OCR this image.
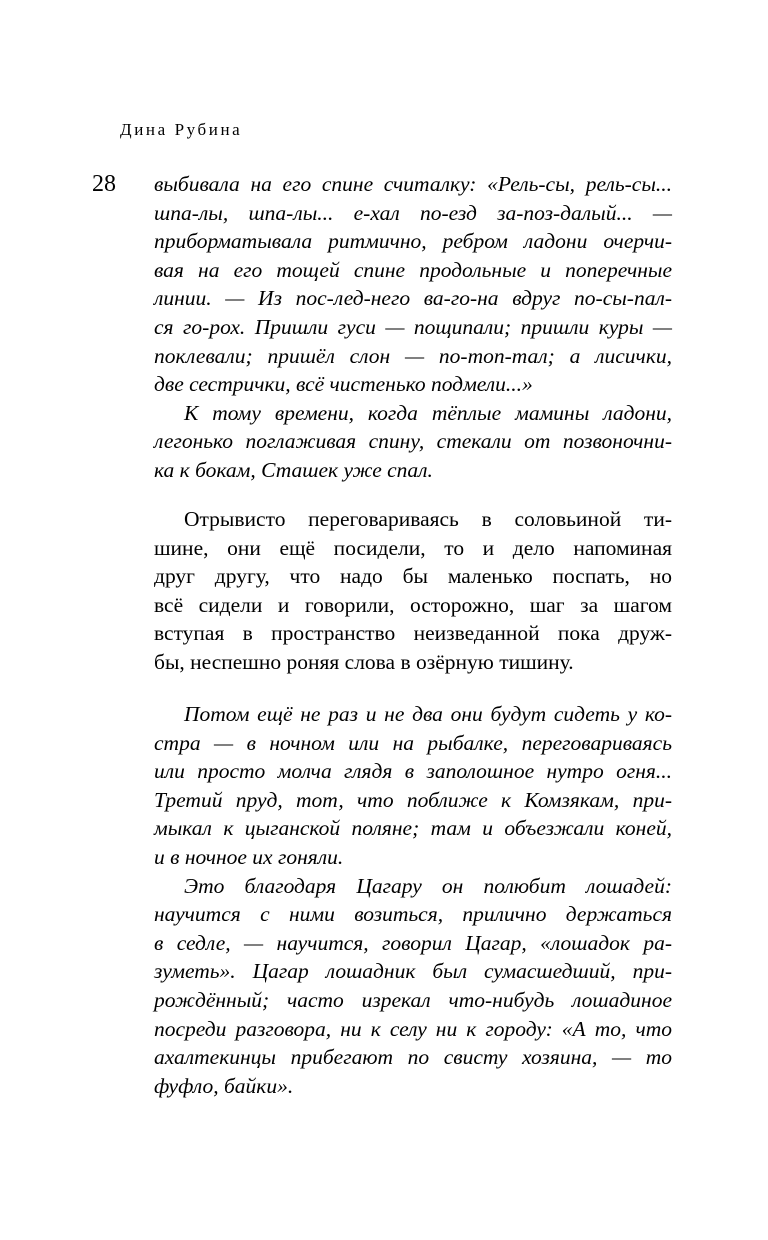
Дина Рубина
28 выбивала на его спине считалку: «Рель-сы, рель-сы...
шпа-лы, шпа-лы... е-хал по-езд за-поз-далый... —
приборматывала ритмично, ребром ладони очерчи-
вая на его тощей спине продольные и поперечные
линии. — Из пос-лед-него ва-го-на вдруг по-сы-пал-
ся го-рох. Пришли гуси — пощипали; пришли куры —
поклевали; пришёл слон — по-топ-тал; а лисички,
две сестрички, всё чистенько подмели...»
К тому времени, когда тёплые мамины ладони,
легонько поглаживая спину, стекали от позвоночни-
ка к бокам, Сташек уже спал.
Отрывисто переговариваясь в соловьиной ти-
шине, они ещё посидели, то и дело напоминая
друг другу, что надо бы маленько поспать, но
всё сидели и говорили, осторожно, шаг за шагом
вступая в пространство неизведанной пока друж-
бы, неспешно роняя слова в озёрную тишину.
Потом ещё не раз и не два они будут сидеть у ко-
стра — в ночном или на рыбалке, переговариваясь
или просто молча глядя в заполошное нутро огня...
Третий пруд, тот, что поближе к Комзякам, при-
мыкал к цыганской поляне; там и объезжали коней,
и в ночное их гоняли.
Это благодаря Цагару он полюбит лошадей:
научится с ними возиться, прилично держаться
в седле, — научится, говорил Цагар, «лошадок ра-
зуметь». Цагар лошадник был сумасшедший, при-
рождённый; часто изрекал что-нибудь лошадиное
посреди разговора, ни к селу ни к городу: «А то, что
ахалтекинцы прибегают по свисту хозяина, — то
фуфло, байки».
